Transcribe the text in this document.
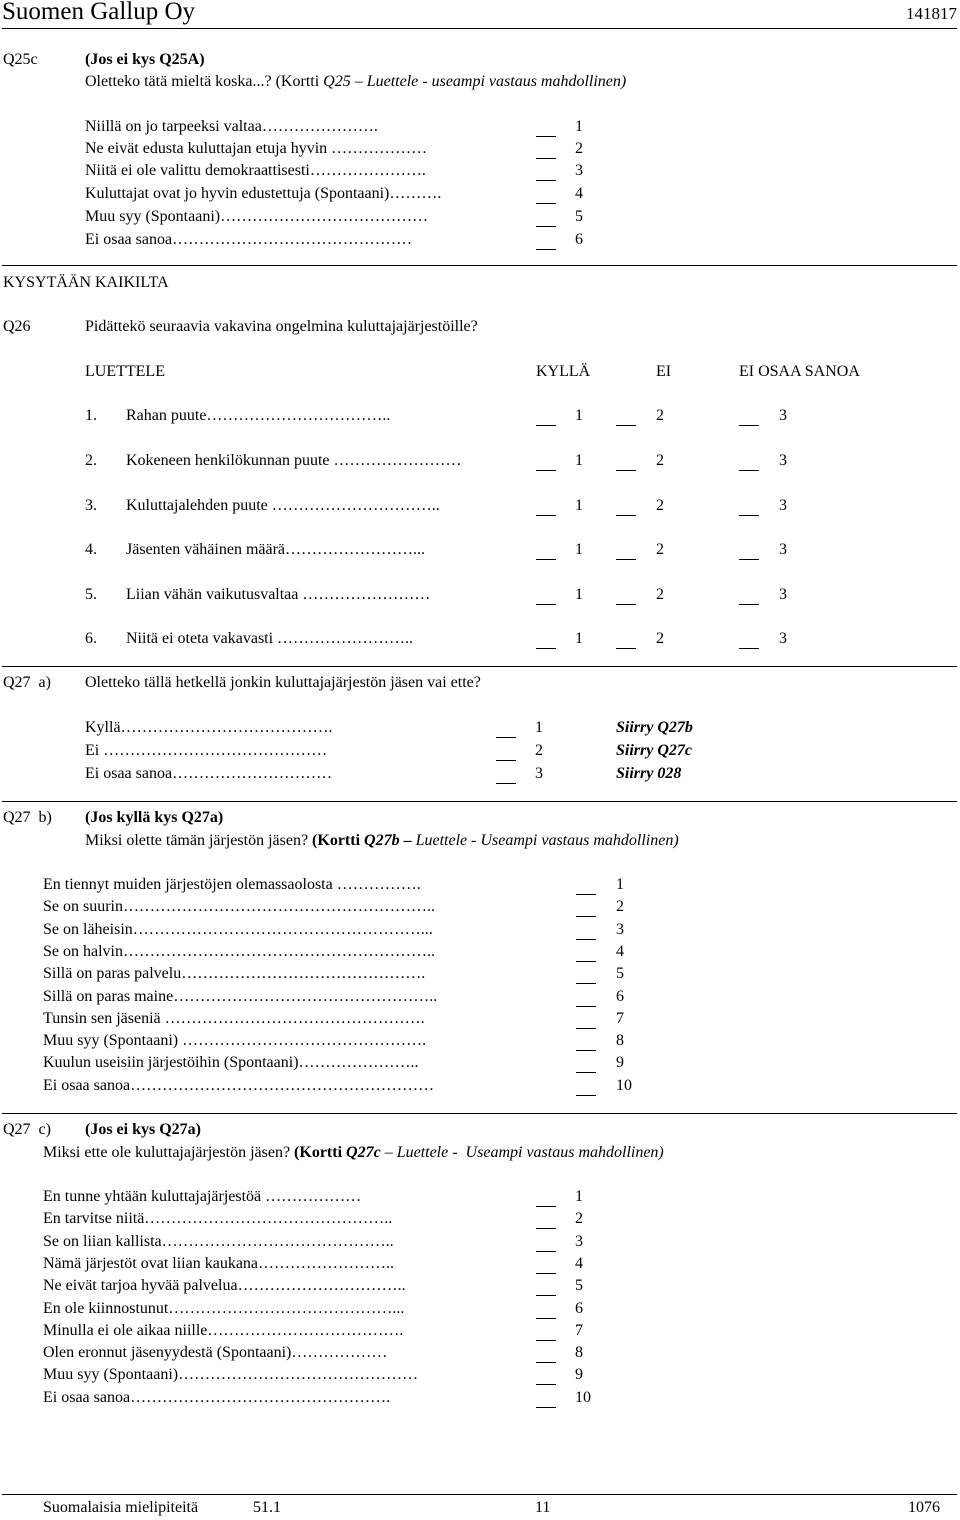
Suomen Gallup Oy	141817
Q25c	(Jos ei kys Q25A)
Oletteko tätä mieltä koska...? (Kortti Q25 – Luettele - useampi vastaus mahdollinen)
Niillä on jo tarpeeksi valtaa………………….	1
Ne eivät edusta kuluttajan etuja hyvin ………………	2
Niitä ei ole valittu demokraattisesti………………….	3
Kuluttajat ovat jo hyvin edustettuja (Spontaani)……….	4
Muu syy (Spontaani)…………………………………	5
Ei osaa sanoa………………………………………	6
KYSYTÄÄN KAIKILTA
Q26	Pidättekö seuraavia vakavina ongelmina kuluttajajärjestöille?
LUETTELE	KYLLÄ	EI	EI OSAA SANOA
1. Rahan puute……………………………..	1	2	3
2. Kokeneen henkilökunnan puute ……………………	1	2	3
3. Kuluttajalehden puute …………………………..	1	2	3
4. Jäsenten vähäinen määrä……………………...	1	2	3
5. Liian vähän vaikutusvaltaa ……………………	1	2	3
6. Niitä ei oteta vakavasti ……………………..	1	2	3
Q27  a) Oletteko tällä hetkellä jonkin kuluttajajärjestön jäsen vai ette?
Kyllä………………………………….	1	Siirry Q27b
Ei ……………………………………	2	Siirry Q27c
Ei osaa sanoa…………………………	3	Siirry 028
Q27  b) (Jos kyllä kys Q27a)
Miksi olette tämän järjestön jäsen? (Kortti Q27b – Luettele - Useampi vastaus mahdollinen)
En tiennyt muiden järjestöjen olemassaolosta …………….	1
Se on suurin…………………………………………………..	2
Se on läheisin………………………………………………...	3
Se on halvin…………………………………………………..	4
Sillä on paras palvelu……………………………………….	5
Sillä on paras maine…………………………………………..	6
Tunsin sen jäseniä ………………………………………….	7
Muu syy (Spontaani) ……………………………………….	8
Kuulun useisiin järjestöihin (Spontaani)…………………..	9
Ei osaa sanoa…………………………………………………	10
Q27  c) (Jos ei kys Q27a)
Miksi ette ole kuluttajajärjestön jäsen? (Kortti Q27c – Luettele -  Useampi vastaus mahdollinen)
En tunne yhtään kuluttajajärjestöä ………………	1
En tarvitse niitä………………………………………..	2
Se on liian kallista……………………………………..	3
Nämä järjestöt ovat liian kaukana……………………..	4
Ne eivät tarjoa hyvää palvelua…………………………..	5
En ole kiinnostunut……………………………………...	6
Minulla ei ole aikaa niille……………………………….	7
Olen eronnut jäsenyydestä (Spontaani)………………	8
Muu syy (Spontaani)………………………………………	9
Ei osaa sanoa………………………………………….	10
Suomalaisia mielipiteitä	51.1	11	1076
